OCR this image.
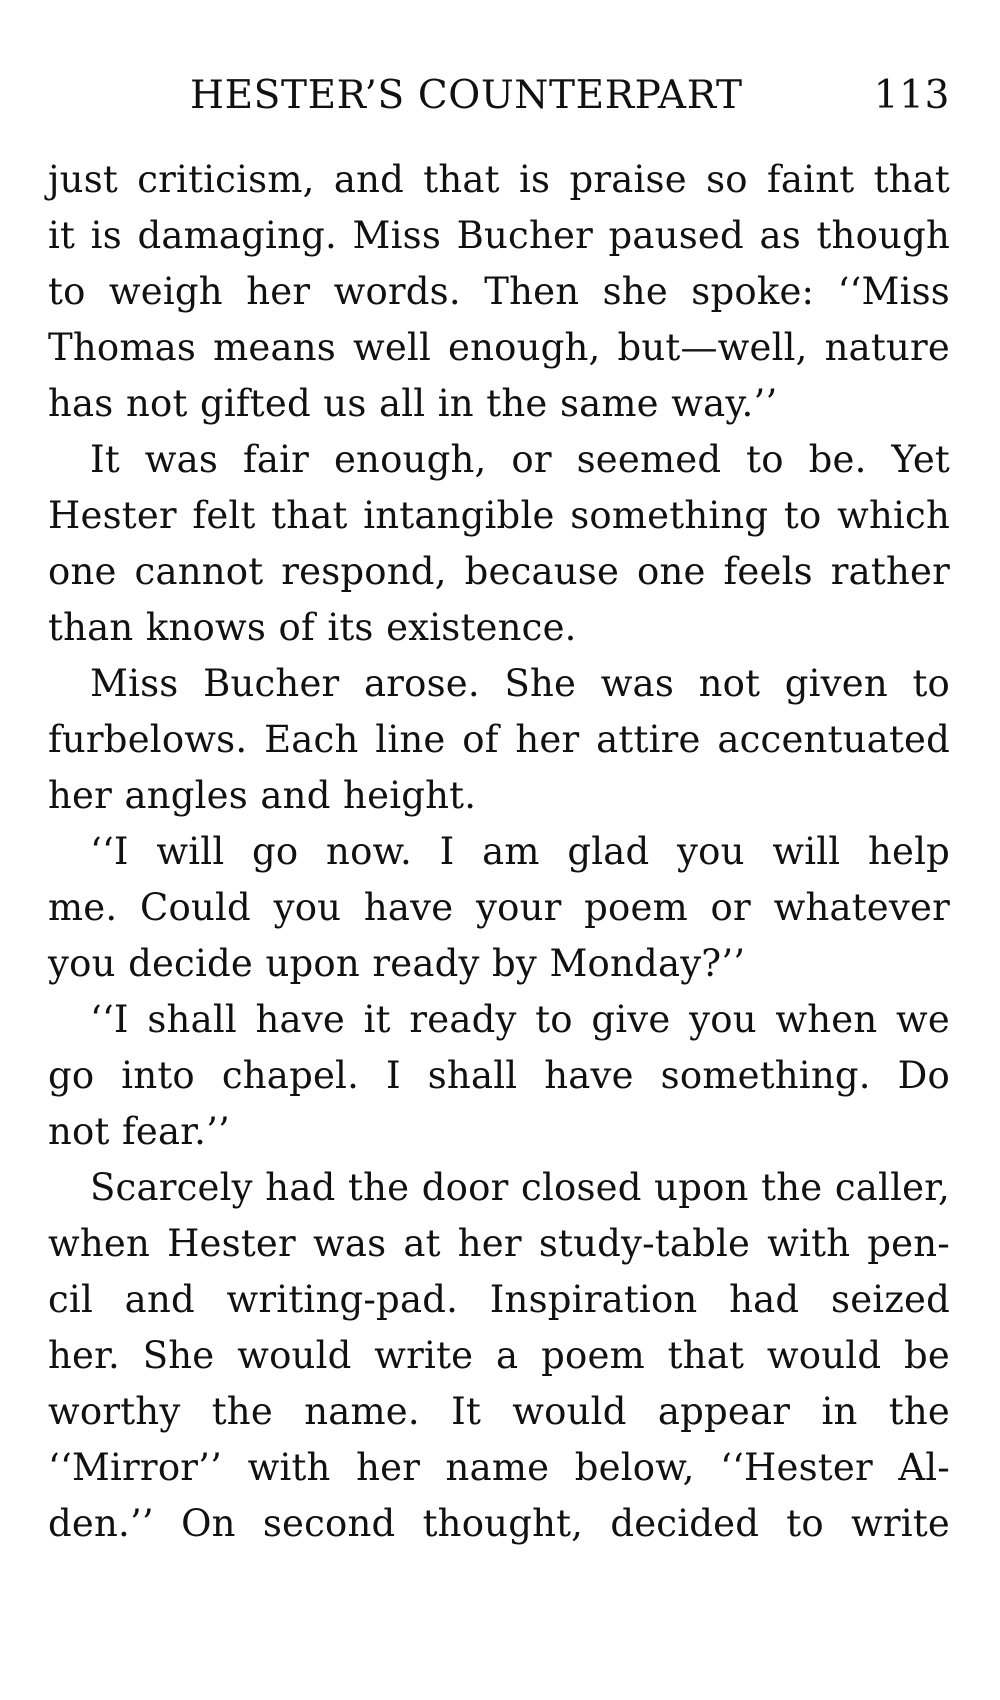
HESTER’S COUNTERPART	113
just criticism, and that is praise so faint that
it is damaging. Miss Bucher paused as though
to weigh her words. Then she spoke: ‘‘Miss
Thomas means well enough, but—well, nature
has not gifted us all in the same way.’’
It was fair enough, or seemed to be. Yet
Hester felt that intangible something to which
one cannot respond, because one feels rather
than knows of its existence.
Miss Bucher arose. She was not given to
furbelows. Each line of her attire accentuated
her angles and height.
‘‘I will go now. I am glad you will help
me. Could you have your poem or whatever
you decide upon ready by Monday?’’
‘‘I shall have it ready to give you when we
go into chapel. I shall have something. Do
not fear.’’
Scarcely had the door closed upon the caller,
when Hester was at her study-table with pen-
cil and writing-pad. Inspiration had seized
her. She would write a poem that would be
worthy the name. It would appear in the
‘‘Mirror’’ with her name below, ‘‘Hester Al-
den.’’ On second thought, decided to write
